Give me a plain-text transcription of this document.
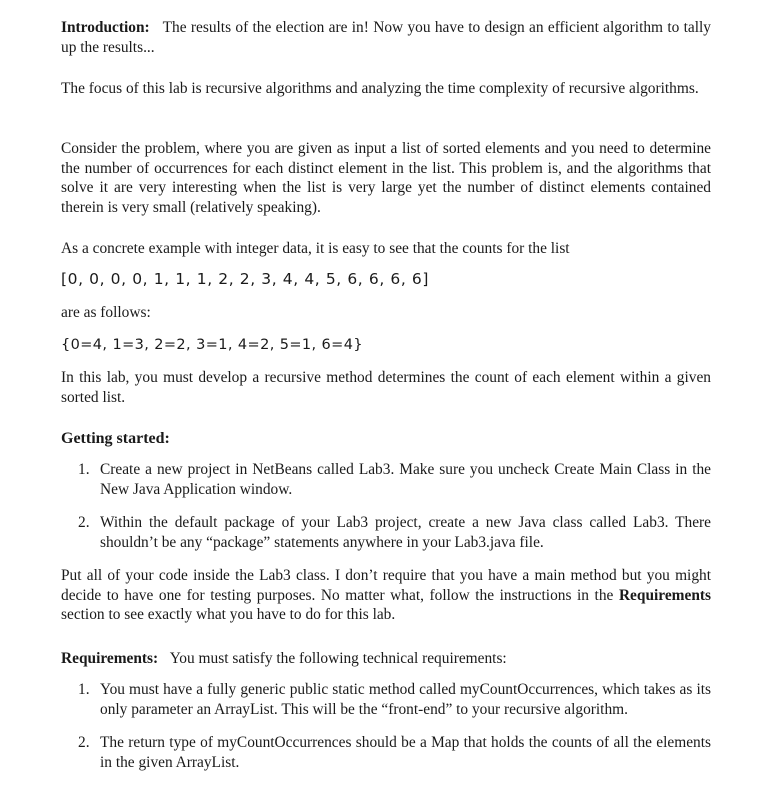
Introduction: The results of the election are in! Now you have to design an efficient algorithm to tally up the results...

The focus of this lab is recursive algorithms and analyzing the time complexity of recursive algorithms.

Consider the problem, where you are given as input a list of sorted elements and you need to determine the number of occurrences for each distinct element in the list. This problem is, and the algorithms that solve it are very interesting when the list is very large yet the number of distinct elements contained therein is very small (relatively speaking).

As a concrete example with integer data, it is easy to see that the counts for the list

[0, 0, 0, 0, 1, 1, 1, 2, 2, 3, 4, 4, 5, 6, 6, 6, 6]

are as follows:

{0=4, 1=3, 2=2, 3=1, 4=2, 5=1, 6=4}

In this lab, you must develop a recursive method determines the count of each element within a given sorted list.

Getting started:

1. Create a new project in NetBeans called Lab3. Make sure you uncheck Create Main Class in the New Java Application window.
2. Within the default package of your Lab3 project, create a new Java class called Lab3. There shouldn’t be any “package” statements anywhere in your Lab3.java file.

Put all of your code inside the Lab3 class. I don’t require that you have a main method but you might decide to have one for testing purposes. No matter what, follow the instructions in the Requirements section to see exactly what you have to do for this lab.

Requirements: You must satisfy the following technical requirements:

1. You must have a fully generic public static method called myCountOccurrences, which takes as its only parameter an ArrayList. This will be the “front-end” to your recursive algorithm.
2. The return type of myCountOccurrences should be a Map that holds the counts of all the elements in the given ArrayList.
